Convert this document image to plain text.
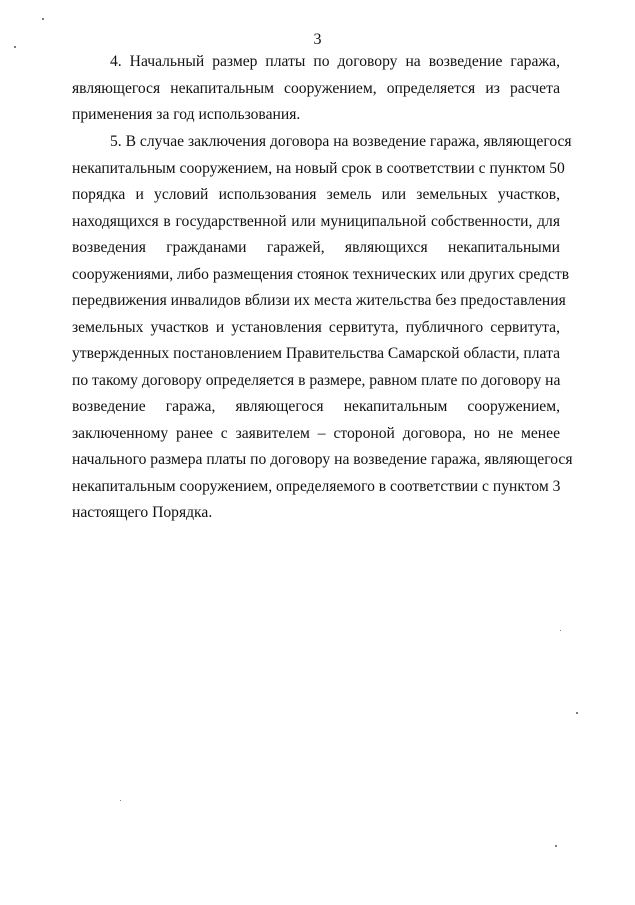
3
4. Начальный размер платы по договору на возведение гаража,
являющегося некапитальным сооружением, определяется из расчета
применения за год использования.
5. В случае заключения договора на возведение гаража, являющегося
некапитальным сооружением, на новый срок в соответствии с пунктом 50
порядка и условий использования земель или земельных участков,
находящихся в государственной или муниципальной собственности, для
возведения гражданами гаражей, являющихся некапитальными
сооружениями, либо размещения стоянок технических или других средств
передвижения инвалидов вблизи их места жительства без предоставления
земельных участков и установления сервитута, публичного сервитута,
утвержденных постановлением Правительства Самарской области, плата
по такому договору определяется в размере, равном плате по договору на
возведение гаража, являющегося некапитальным сооружением,
заключенному ранее с заявителем – стороной договора, но не менее
начального размера платы по договору на возведение гаража, являющегося
некапитальным сооружением, определяемого в соответствии с пунктом 3
настоящего Порядка.
